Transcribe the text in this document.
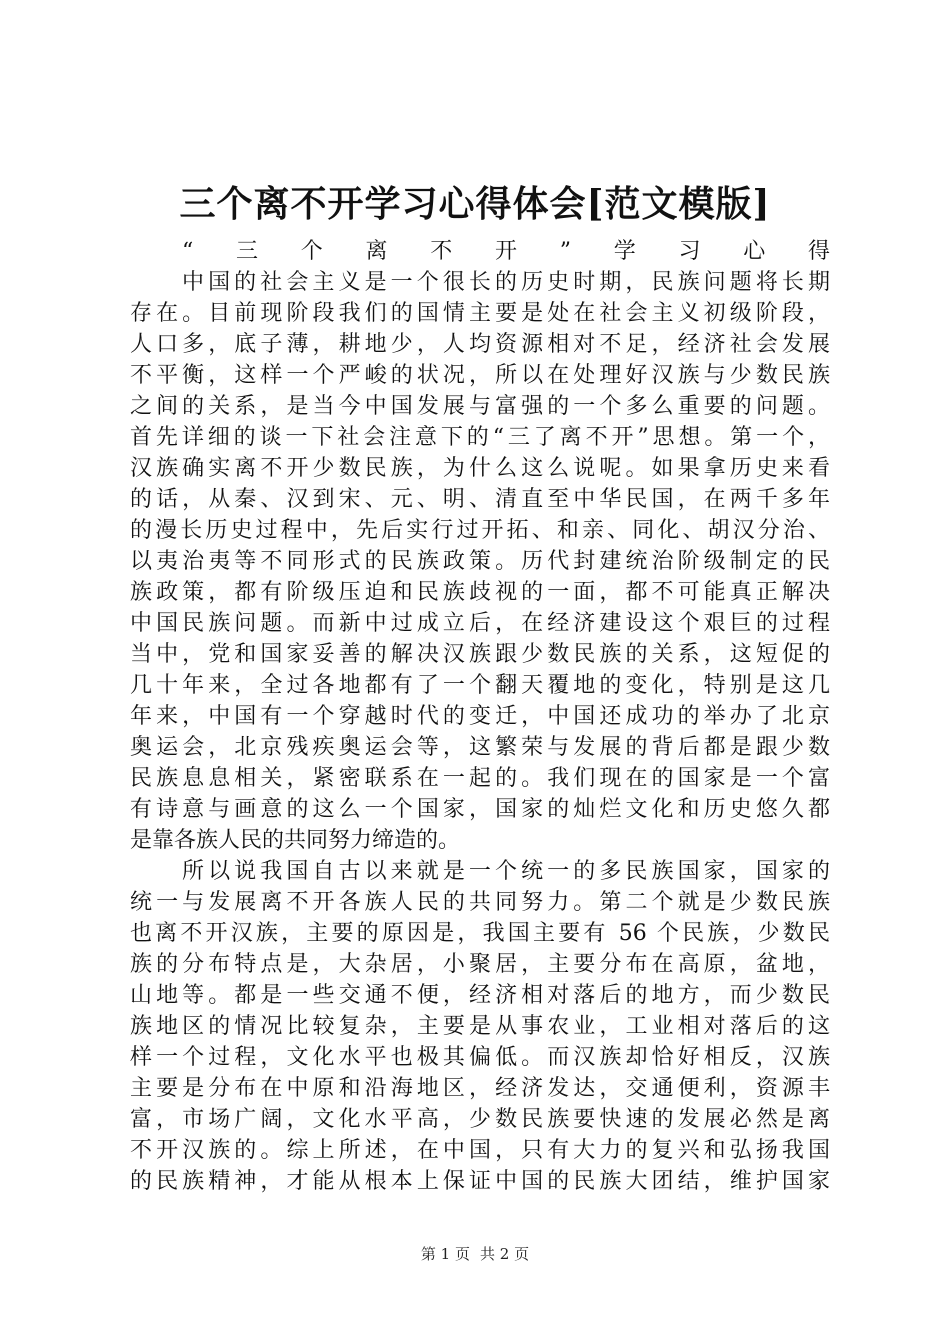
三个离不开学习心得体会[范文模版]
“三个离不开”学习心得
中国的社会主义是一个很长的历史时期，民族问题将长期
存在。目前现阶段我们的国情主要是处在社会主义初级阶段，
人口多，底子薄，耕地少，人均资源相对不足，经济社会发展
不平衡，这样一个严峻的状况，所以在处理好汉族与少数民族
之间的关系，是当今中国发展与富强的一个多么重要的问题。
首先详细的谈一下社会注意下的“三了离不开”思想。第一个，
汉族确实离不开少数民族，为什么这么说呢。如果拿历史来看
的话，从秦、汉到宋、元、明、清直至中华民国，在两千多年
的漫长历史过程中，先后实行过开拓、和亲、同化、胡汉分治、
以夷治夷等不同形式的民族政策。历代封建统治阶级制定的民
族政策，都有阶级压迫和民族歧视的一面，都不可能真正解决
中国民族问题。而新中过成立后，在经济建设这个艰巨的过程
当中，党和国家妥善的解决汉族跟少数民族的关系，这短促的
几十年来，全过各地都有了一个翻天覆地的变化，特别是这几
年来，中国有一个穿越时代的变迁，中国还成功的举办了北京
奥运会，北京残疾奥运会等，这繁荣与发展的背后都是跟少数
民族息息相关，紧密联系在一起的。我们现在的国家是一个富
有诗意与画意的这么一个国家，国家的灿烂文化和历史悠久都
是靠各族人民的共同努力缔造的。
所以说我国自古以来就是一个统一的多民族国家，国家的
统一与发展离不开各族人民的共同努力。第二个就是少数民族
也离不开汉族，主要的原因是，我国主要有 56 个民族，少数民
族的分布特点是，大杂居，小聚居，主要分布在高原，盆地，
山地等。都是一些交通不便，经济相对落后的地方，而少数民
族地区的情况比较复杂，主要是从事农业，工业相对落后的这
样一个过程，文化水平也极其偏低。而汉族却恰好相反，汉族
主要是分布在中原和沿海地区，经济发达，交通便利，资源丰
富，市场广阔，文化水平高，少数民族要快速的发展必然是离
不开汉族的。综上所述，在中国，只有大力的复兴和弘扬我国
的民族精神，才能从根本上保证中国的民族大团结，维护国家
第 1 页 共 2 页
